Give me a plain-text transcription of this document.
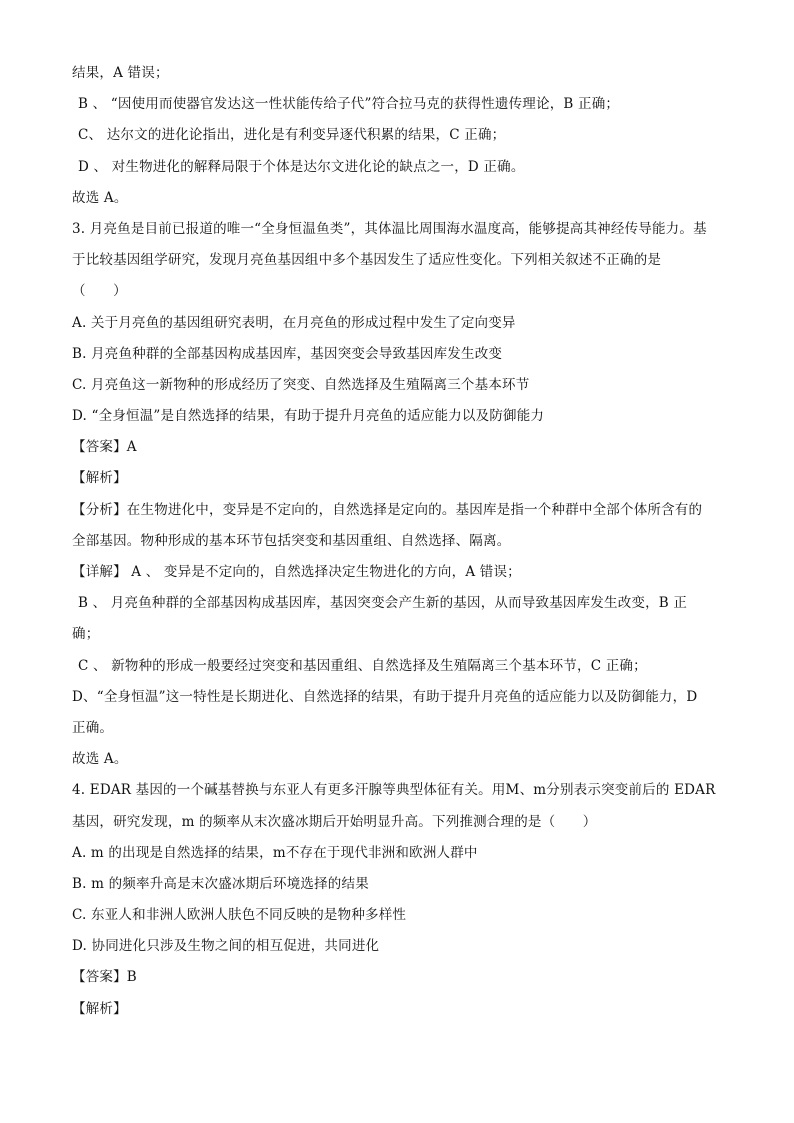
结果，A 错误；
B 、 “因使用而使器官发达这一性状能传给子代”符合拉马克的获得性遗传理论，B 正确；
C、 达尔文的进化论指出，进化是有利变异逐代积累的结果，C 正确；
D 、 对生物进化的解释局限于个体是达尔文进化论的缺点之一，D 正确。
故选 A。
3. 月亮鱼是目前已报道的唯一“全身恒温鱼类”，其体温比周围海水温度高，能够提高其神经传导能力。基
于比较基因组学研究，发现月亮鱼基因组中多个基因发生了适应性变化。下列相关叙述不正确的是
（　　）
A. 关于月亮鱼的基因组研究表明，在月亮鱼的形成过程中发生了定向变异
B. 月亮鱼种群的全部基因构成基因库，基因突变会导致基因库发生改变
C. 月亮鱼这一新物种的形成经历了突变、自然选择及生殖隔离三个基本环节
D. “全身恒温”是自然选择的结果，有助于提升月亮鱼的适应能力以及防御能力
【答案】A
【解析】
【分析】在生物进化中，变异是不定向的，自然选择是定向的。基因库是指一个种群中全部个体所含有的
全部基因。物种形成的基本环节包括突变和基因重组、自然选择、隔离。
【详解】 A 、 变异是不定向的，自然选择决定生物进化的方向，A 错误；
B 、 月亮鱼种群的全部基因构成基因库，基因突变会产生新的基因，从而导致基因库发生改变，B 正
确；
C 、 新物种的形成一般要经过突变和基因重组、自然选择及生殖隔离三个基本环节，C 正确；
D、“全身恒温”这一特性是长期进化、自然选择的结果，有助于提升月亮鱼的适应能力以及防御能力，D
正确。
故选 A。
4. EDAR 基因的一个碱基替换与东亚人有更多汗腺等典型体征有关。用M、m分别表示突变前后的 EDAR
基因，研究发现，m 的频率从末次盛冰期后开始明显升高。下列推测合理的是（　　）
A. m 的出现是自然选择的结果，m不存在于现代非洲和欧洲人群中
B. m 的频率升高是末次盛冰期后环境选择的结果
C. 东亚人和非洲人欧洲人肤色不同反映的是物种多样性
D. 协同进化只涉及生物之间的相互促进，共同进化
【答案】B
【解析】
